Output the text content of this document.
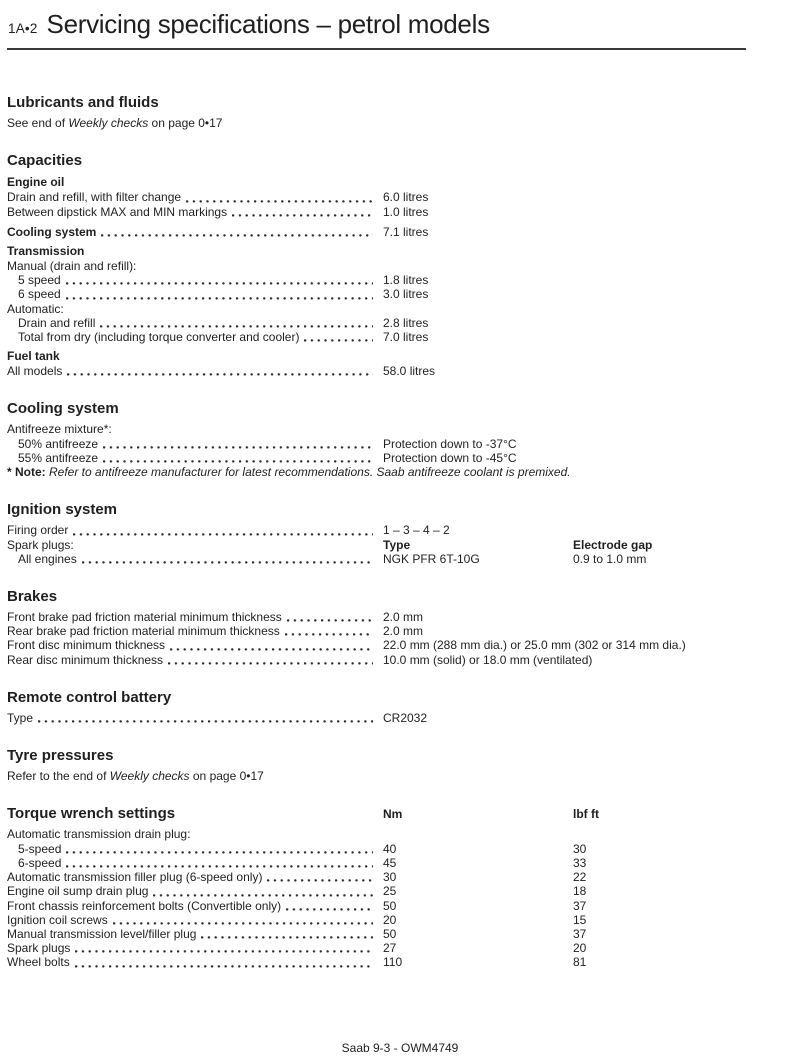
1A•2 Servicing specifications – petrol models
Lubricants and fluids

See end of Weekly checks on page 0•17

Capacities
Engine oil
Drain and refill, with filter change	6.0 litres
Between dipstick MAX and MIN markings	1.0 litres
Cooling system	7.1 litres
Transmission
Manual (drain and refill):
5 speed	1.8 litres
6 speed	3.0 litres
Automatic:
Drain and refill	2.8 litres
Total from dry (including torque converter and cooler)	7.0 litres
Fuel tank
All models	58.0 litres
Cooling system
Antifreeze mixture*:
50% antifreeze	Protection down to -37°C
55% antifreeze	Protection down to -45°C

* Note: Refer to antifreeze manufacturer for latest recommendations. Saab antifreeze coolant is premixed.

Ignition system
Firing order	1 – 3 – 4 – 2
Spark plugs:	Type	Electrode gap
All engines	NGK PFR 6T-10G	0.9 to 1.0 mm
Brakes
Front brake pad friction material minimum thickness	2.0 mm
Rear brake pad friction material minimum thickness	2.0 mm
Front disc minimum thickness	22.0 mm (288 mm dia.) or 25.0 mm (302 or 314 mm dia.)
Rear disc minimum thickness	10.0 mm (solid) or 18.0 mm (ventilated)
Remote control battery
Type	CR2032
Tyre pressures

Refer to the end of Weekly checks on page 0•17

Torque wrench settings	Nm	lbf ft
Automatic transmission drain plug:
5-speed	40	30
6-speed	45	33
Automatic transmission filler plug (6-speed only)	30	22
Engine oil sump drain plug	25	18
Front chassis reinforcement bolts (Convertible only)	50	37
Ignition coil screws	20	15
Manual transmission level/filler plug	50	37
Spark plugs	27	20
Wheel bolts	110	81
Saab 9-3 - OWM4749
